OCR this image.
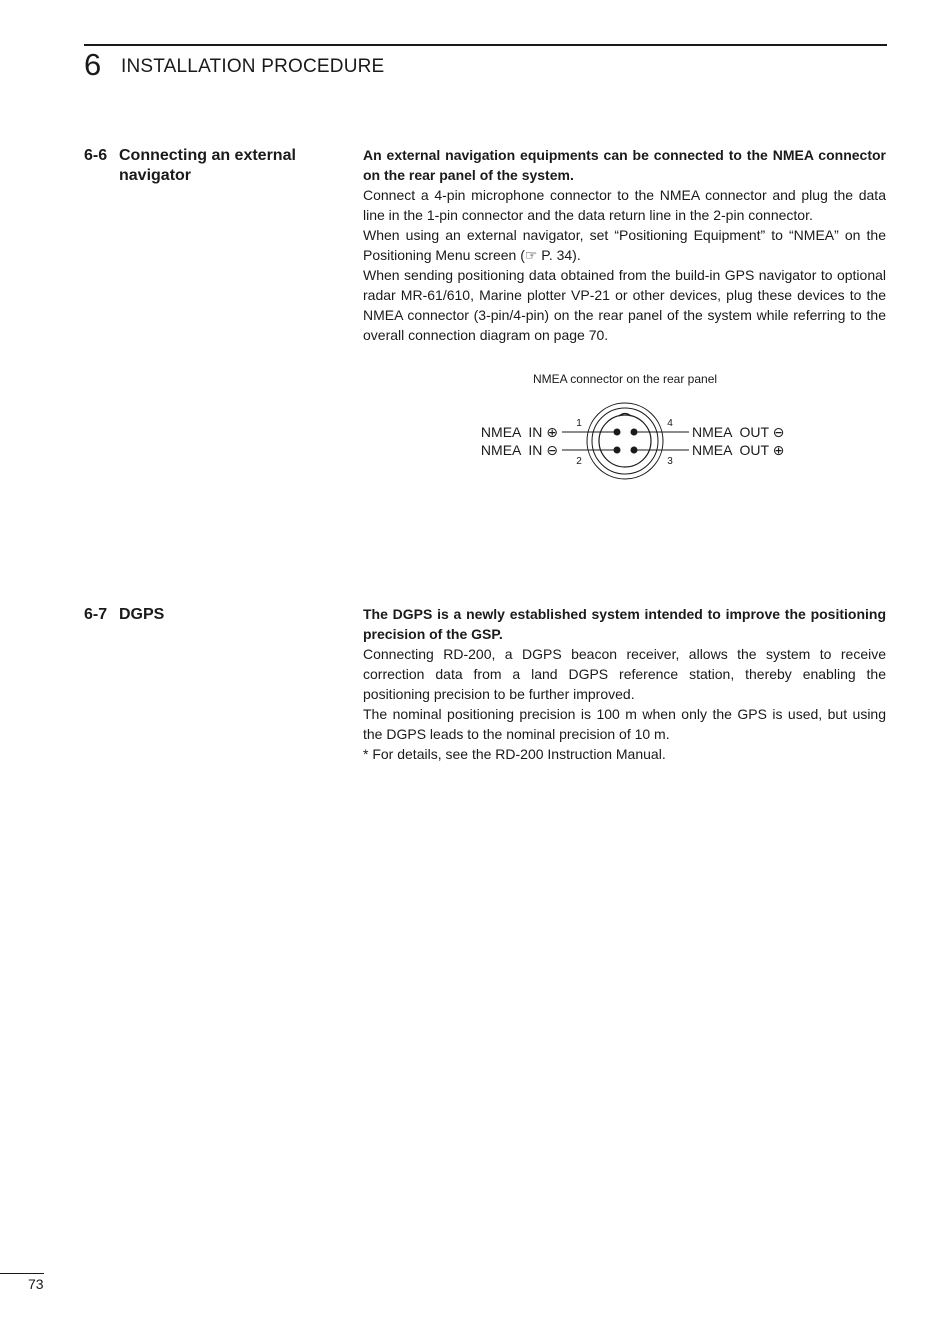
6 INSTALLATION PROCEDURE
6-6 Connecting an external navigator

An external navigation equipments can be connected to the NMEA connector on the rear panel of the system.

Connect a 4-pin microphone connector to the NMEA connector and plug the data line in the 1-pin connector and the data return line in the 2-pin connector.

When using an external navigator, set “Positioning Equipment” to “NMEA” on the Positioning Menu screen (☞ P. 34).

When sending positioning data obtained from the build-in GPS navigator to optional radar MR-61/610, Marine plotter VP-21 or other devices, plug these devices to the NMEA connector (3-pin/4-pin) on the rear panel of the system while referring to the overall connection diagram on page 70.

NMEA connector on the rear panel
1
2	3
4
NMEA  IN ⊕
NMEA  IN ⊖	NMEA  OUT ⊕
NMEA  OUT ⊖
6-7 DGPS	The DGPS is a newly established system intended to improve the positioning precision of the GSP.

Connecting RD-200, a DGPS beacon receiver, allows the system to receive correction data from a land DGPS reference station, thereby enabling the positioning precision to be further improved.

The nominal positioning precision is 100 m when only the GPS is used, but using the DGPS leads to the nominal precision of 10 m.

* For details, see the RD-200 Instruction Manual.

73
